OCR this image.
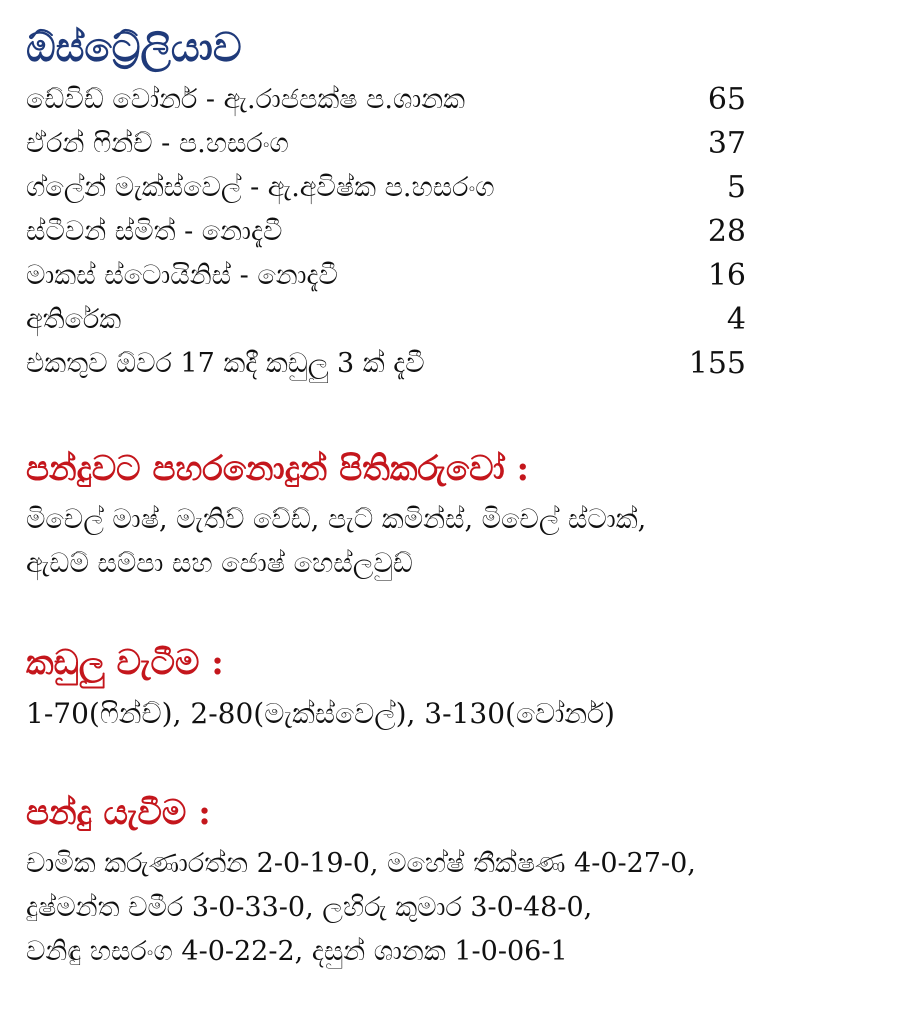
ඕස්ට්‍රේලියාව
ඩේවිඩ් වෝනර් - ඇ.රාජපක්ෂ ප.ශානක	65
ඒරන් ෆින්ච් - ප.හසරංග	37
ග්ලේන් මැක්ස්වෙල් - ඇ.අවිෂ්ක ප.හසරංග	5
ස්ටීවන් ස්මිත් - නොදැවී	28
මාකස් ස්ටොයිනිස් - නොදැවී	16
අතිරේක	4
එකතුව ඕවර 17 කදී කඩුලු 3 ක් දැවී	155
පන්දුවට පහරනොදුන් පිතිකරුවෝ :
මිචෙල් මාෂ්, මැතිව් වේඩ්, පැට් කමින්ස්, මිචෙල් ස්ටාක්,
ඇඩම් සම්පා සහ ජොෂ් හෙස්ලවුඩ්
කඩුලු වැටීම :
1-70(ෆින්ච්), 2-80(මැක්ස්වෙල්), 3-130(වෝනර්)
පන්දු යැවීම :
චාමික කරුණාරත්න 2-0-19-0, මහේෂ් තීක්ෂණ 4-0-27-0,
දුෂ්මන්ත චමීර 3-0-33-0, ලහිරු කුමාර 3-0-48-0,
වනිඳු හසරංග 4-0-22-2, දසුන් ශානක 1-0-06-1
